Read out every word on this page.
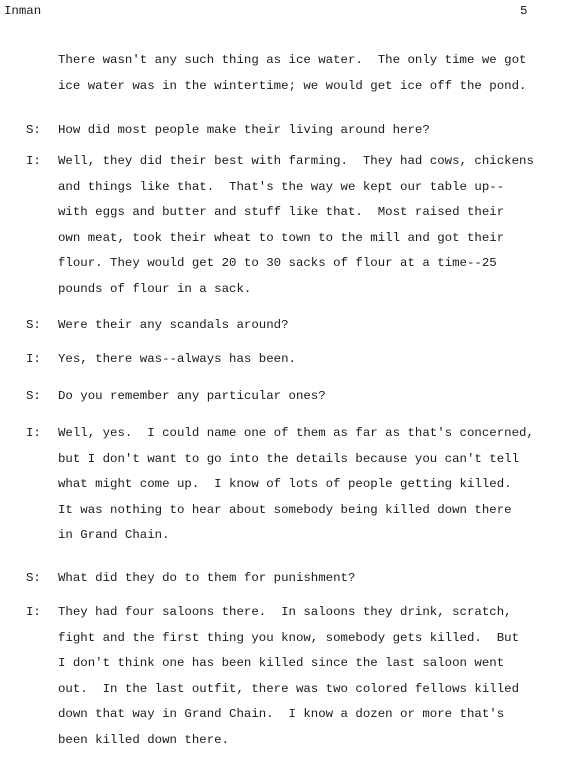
Inman	5
There wasn't any such thing as ice water.  The only time we got
ice water was in the wintertime; we would get ice off the pond.
S: How did most people make their living around here?
I: Well, they did their best with farming.  They had cows, chickens
and things like that.  That's the way we kept our table up--
with eggs and butter and stuff like that.  Most raised their
own meat, took their wheat to town to the mill and got their
flour. They would get 20 to 30 sacks of flour at a time--25
pounds of flour in a sack.
S: Were their any scandals around?
I: Yes, there was--always has been.
S: Do you remember any particular ones?
I: Well, yes.  I could name one of them as far as that's concerned,
but I don't want to go into the details because you can't tell
what might come up.  I know of lots of people getting killed.
It was nothing to hear about somebody being killed down there
in Grand Chain.
S: What did they do to them for punishment?
I: They had four saloons there.  In saloons they drink, scratch,
fight and the first thing you know, somebody gets killed.  But
I don't think one has been killed since the last saloon went
out.  In the last outfit, there was two colored fellows killed
down that way in Grand Chain.  I know a dozen or more that's
been killed down there.
